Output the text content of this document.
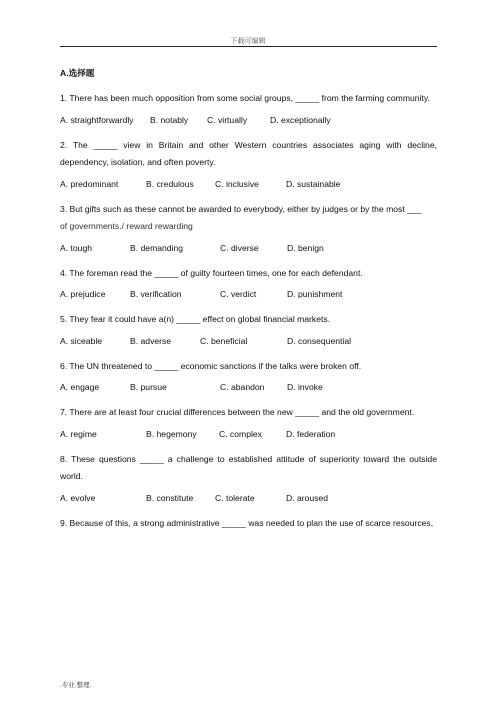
下载可编辑
A.选择题
1. There has been much opposition from some social groups, _____ from the farming community.
A. straightforwardly	B. notably	C. virtually	D. exceptionally
2. The _____ view in Britain and other Western countries associates aging with decline, dependency, isolation, and often poverty.
A. predominant	B. credulous	C. inclusive	D. sustainable
3. But gifts such as these cannot be awarded to everybody, either by judges or by the most ___
of governments./ reward rewarding
A. tough	B. demanding	C. diverse	D. benign
4. The foreman read the _____ of guilty fourteen times, one for each defendant.
A. prejudice	B. verification	C. verdict	D. punishment
5. They fear it could have a(n) _____ effect on global financial markets.
A. siceable	B. adverse	C. beneficial	D. consequential
6. The UN threatened to _____ economic sanctions if the talks were broken off.
A. engage	B. pursue	C. abandon	D. invoke
7. There are at least four crucial differences between the new _____ and the old government.
A. regime	B. hegemony	C. complex	D. federation
8. These questions _____ a challenge to established attitude of superiority toward the outside world.
A. evolve	B. constitute	C. tolerate	D. aroused
9. Because of this, a strong administrative _____ was needed to plan the use of scarce resources,
.专业.整理.
